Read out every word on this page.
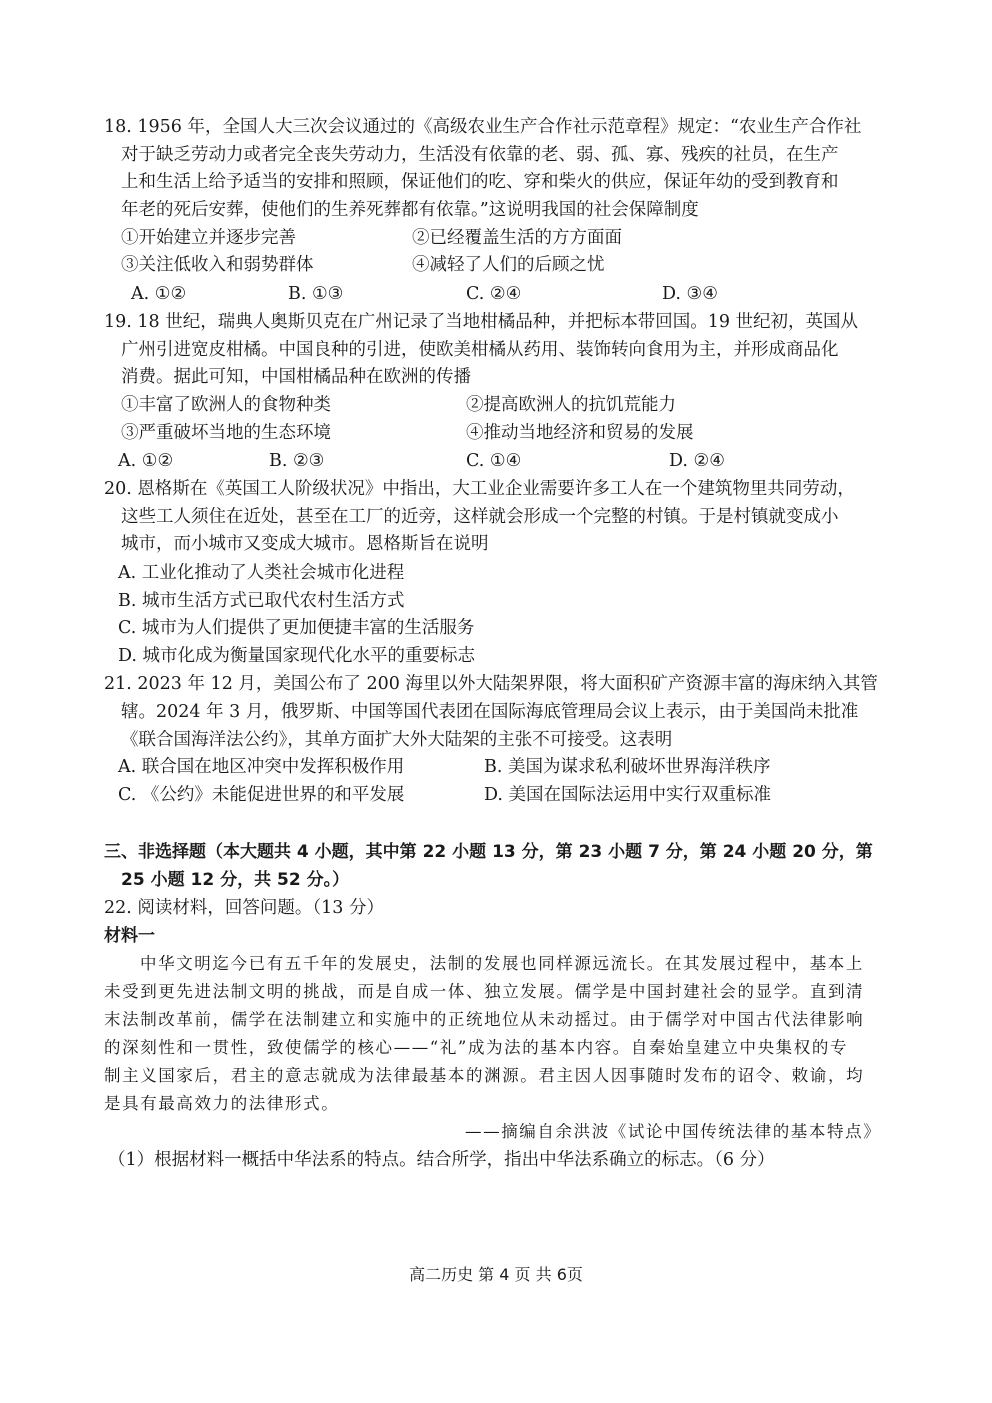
18. 1956 年，全国人大三次会议通过的《高级农业生产合作社示范章程》规定：“农业生产合作社
对于缺乏劳动力或者完全丧失劳动力，生活没有依靠的老、弱、孤、寡、残疾的社员，在生产
上和生活上给予适当的安排和照顾，保证他们的吃、穿和柴火的供应，保证年幼的受到教育和
年老的死后安葬，使他们的生养死葬都有依靠。”这说明我国的社会保障制度
①开始建立并逐步完善	②已经覆盖生活的方方面面
③关注低收入和弱势群体	④减轻了人们的后顾之忧
A. ①②	B. ①③	C. ②④	D. ③④
19. 18 世纪，瑞典人奥斯贝克在广州记录了当地柑橘品种，并把标本带回国。19 世纪初，英国从
广州引进宽皮柑橘。中国良种的引进，使欧美柑橘从药用、装饰转向食用为主，并形成商品化
消费。据此可知，中国柑橘品种在欧洲的传播
①丰富了欧洲人的食物种类	②提高欧洲人的抗饥荒能力
③严重破坏当地的生态环境	④推动当地经济和贸易的发展
A. ①②	B. ②③	C. ①④	D. ②④
20. 恩格斯在《英国工人阶级状况》中指出，大工业企业需要许多工人在一个建筑物里共同劳动，
这些工人须住在近处，甚至在工厂的近旁，这样就会形成一个完整的村镇。于是村镇就变成小
城市，而小城市又变成大城市。恩格斯旨在说明
A. 工业化推动了人类社会城市化进程
B. 城市生活方式已取代农村生活方式
C. 城市为人们提供了更加便捷丰富的生活服务
D. 城市化成为衡量国家现代化水平的重要标志
21. 2023 年 12 月，美国公布了 200 海里以外大陆架界限，将大面积矿产资源丰富的海床纳入其管
辖。2024 年 3 月，俄罗斯、中国等国代表团在国际海底管理局会议上表示，由于美国尚未批准
《联合国海洋法公约》，其单方面扩大外大陆架的主张不可接受。这表明
A. 联合国在地区冲突中发挥积极作用	B. 美国为谋求私利破坏世界海洋秩序
C. 《公约》未能促进世界的和平发展	D. 美国在国际法运用中实行双重标准
三、非选择题（本大题共 4 小题，其中第 22 小题 13 分，第 23 小题 7 分，第 24 小题 20 分，第
25 小题 12 分，共 52 分。）
22. 阅读材料，回答问题。（13 分）
材料一
中华文明迄今已有五千年的发展史，法制的发展也同样源远流长。在其发展过程中，基本上
未受到更先进法制文明的挑战，而是自成一体、独立发展。儒学是中国封建社会的显学。直到清
末法制改革前，儒学在法制建立和实施中的正统地位从未动摇过。由于儒学对中国古代法律影响
的深刻性和一贯性，致使儒学的核心——“礼”成为法的基本内容。自秦始皇建立中央集权的专
制主义国家后，君主的意志就成为法律最基本的渊源。君主因人因事随时发布的诏令、敕谕，均
是具有最高效力的法律形式。
——摘编自余洪波《试论中国传统法律的基本特点》
（1）根据材料一概括中华法系的特点。结合所学，指出中华法系确立的标志。（6 分）
高二历史 第 4 页 共 6页
